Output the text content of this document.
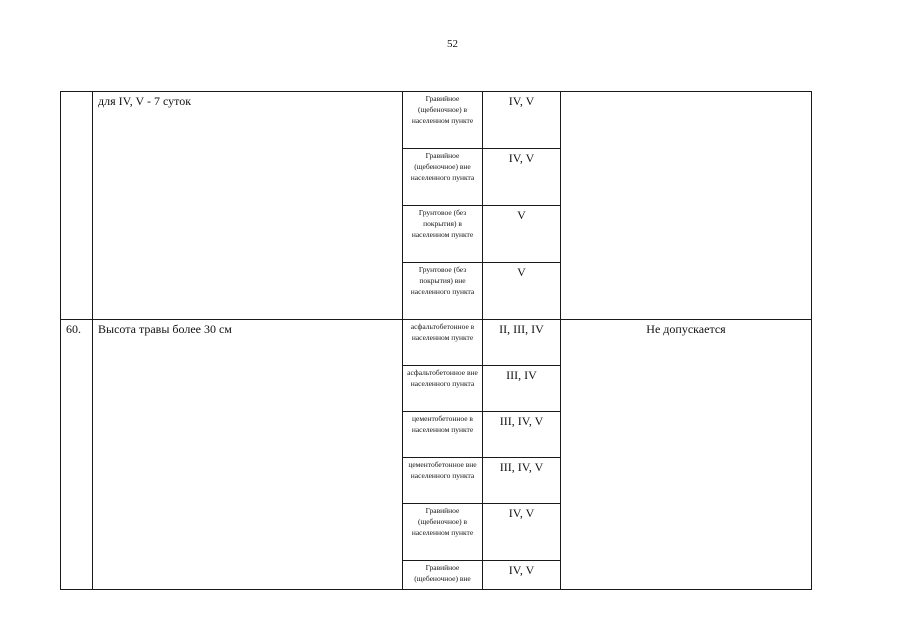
52

	для IV, V - 7 суток	Гравийное (щебеночное) в населенном пункте	IV, V	

		Гравийное (щебеночное) вне населенного пункта	IV, V	

		Грунтовое (без покрытия) в населенном пункте	V	

		Грунтовое (без покрытия) вне населенного пункта	V	

60.	Высота травы более 30 см	асфальтобетонное в населенном пункте	II, III, IV	Не допускается

		асфальтобетонное вне населенного пункта	III, IV	

		цементобетонное в населенном пункте	III, IV, V	

		цементобетонное вне населенного пункта	III, IV, V	

		Гравийное (щебеночное) в населенном пункте	IV, V	

		Гравийное (щебеночное) вне	IV, V	
